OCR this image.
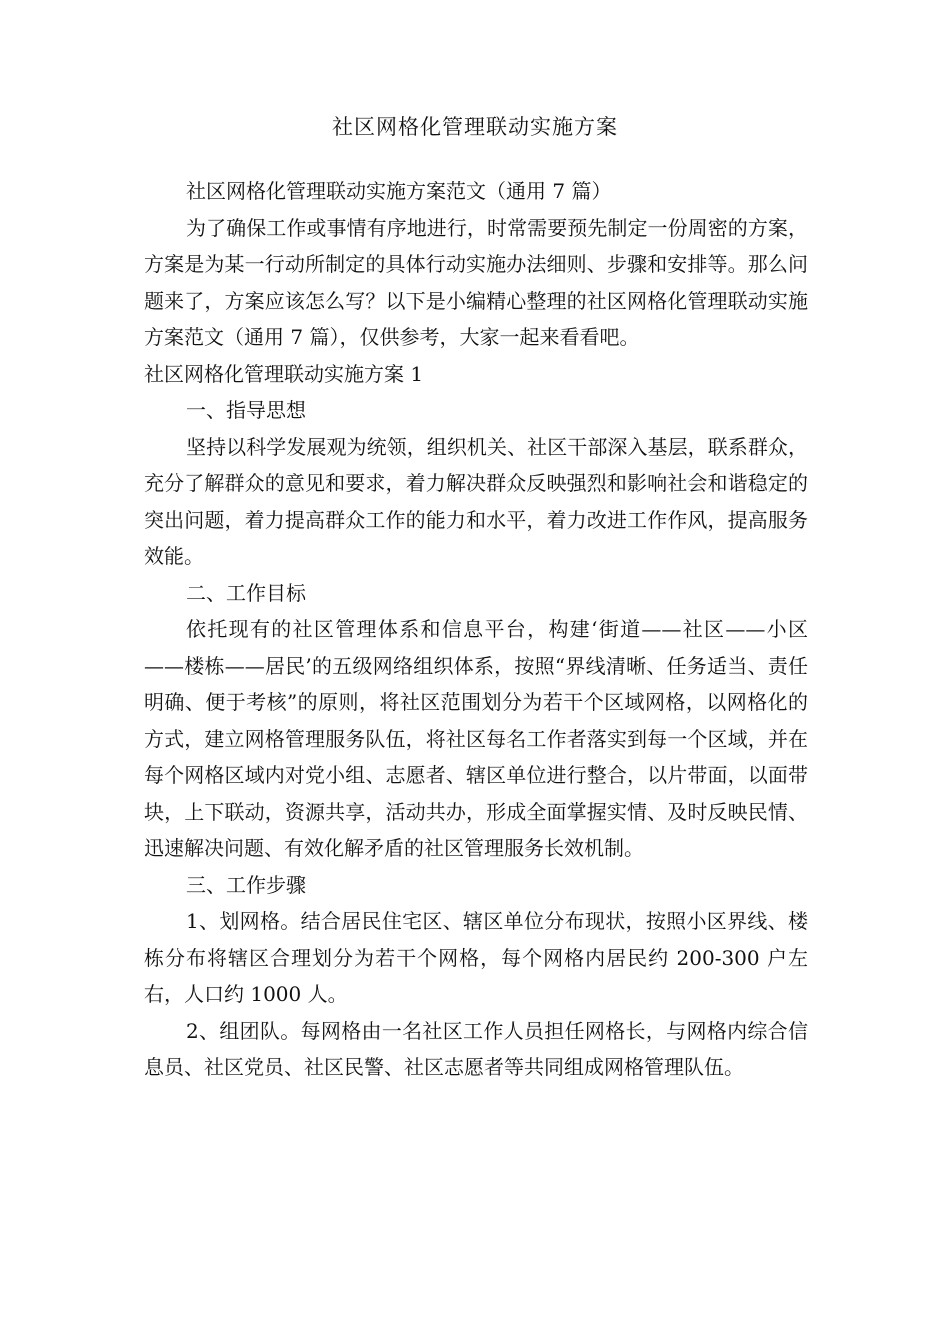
社区网格化管理联动实施方案

社区网格化管理联动实施方案范文（通用 7 篇）

为了确保工作或事情有序地进行，时常需要预先制定一份周密的方案，方案是为某一行动所制定的具体行动实施办法细则、步骤和安排等。那么问题来了，方案应该怎么写？以下是小编精心整理的社区网格化管理联动实施方案范文（通用 7 篇），仅供参考，大家一起来看看吧。

社区网格化管理联动实施方案 1

一、指导思想

坚持以科学发展观为统领，组织机关、社区干部深入基层，联系群众，充分了解群众的意见和要求，着力解决群众反映强烈和影响社会和谐稳定的突出问题，着力提高群众工作的能力和水平，着力改进工作作风，提高服务效能。

二、工作目标

依托现有的社区管理体系和信息平台，构建‘街道——社区——小区——楼栋——居民’的五级网络组织体系，按照“界线清晰、任务适当、责任明确、便于考核”的原则，将社区范围划分为若干个区域网格，以网格化的方式，建立网格管理服务队伍，将社区每名工作者落实到每一个区域，并在每个网格区域内对党小组、志愿者、辖区单位进行整合，以片带面，以面带块，上下联动，资源共享，活动共办，形成全面掌握实情、及时反映民情、迅速解决问题、有效化解矛盾的社区管理服务长效机制。

三、工作步骤

1、划网格。结合居民住宅区、辖区单位分布现状，按照小区界线、楼栋分布将辖区合理划分为若干个网格，每个网格内居民约 200-300 户左右，人口约 1000 人。

2、组团队。每网格由一名社区工作人员担任网格长，与网格内综合信息员、社区党员、社区民警、社区志愿者等共同组成网格管理队伍。
